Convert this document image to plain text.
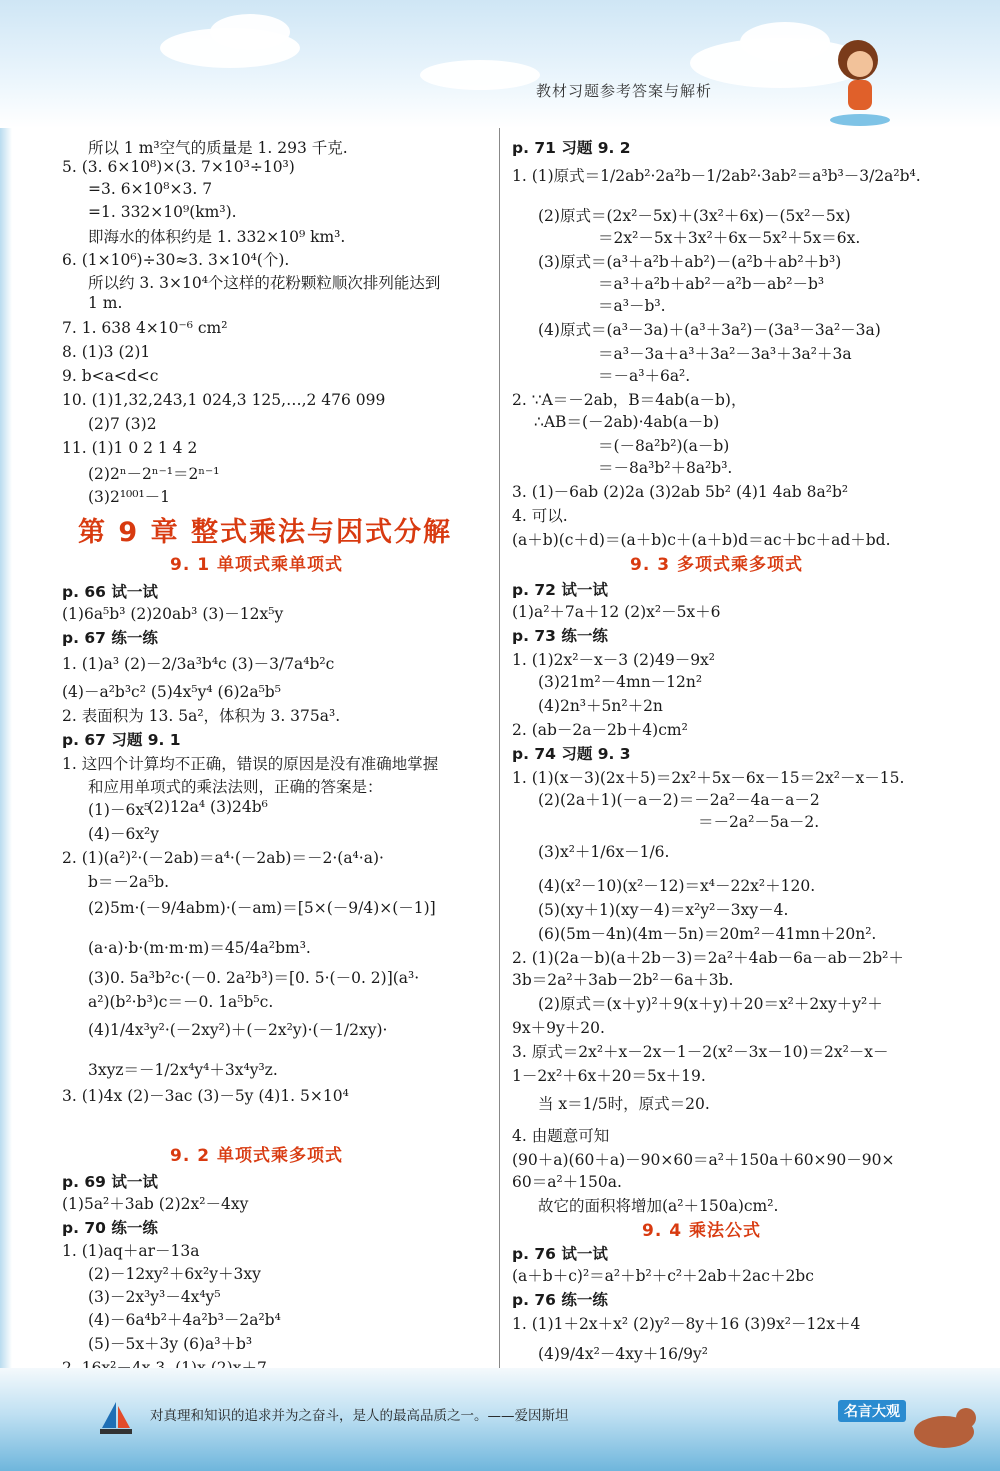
教材习题参考答案与解析
所以 1 m³空气的质量是 1. 293 千克.
5. (3. 6×10⁸)×(3. 7×10³÷10³)
=3. 6×10⁸×3. 7
=1. 332×10⁹(km³).
即海水的体积约是 1. 332×10⁹ km³.
6. (1×10⁶)÷30≈3. 3×10⁴(个).
所以约 3. 3×10⁴个这样的花粉颗粒顺次排列能达到
1 m.
7. 1. 638 4×10⁻⁶ cm²
8. (1)3 (2)1
9. b<a<d<c
10. (1)1,32,243,1 024,3 125,…,2 476 099
(2)7 (3)2
11. (1)1 0 2 1 4 2
(2)2ⁿ－2ⁿ⁻¹＝2ⁿ⁻¹
(3)2¹⁰⁰¹－1
第 9 章 整式乘法与因式分解
9. 1 单项式乘单项式
p. 66 试一试
(1)6a⁵b³ (2)20ab³ (3)－12x⁵y
p. 67 练一练
1. (1)a³ (2)－2/3a³b⁴c (3)－3/7a⁴b²c
(4)－a²b³c² (5)4x⁵y⁴ (6)2a⁵b⁵
2. 表面积为 13. 5a²，体积为 3. 375a³.
p. 67 习题 9. 1
1. 这四个计算均不正确，错误的原因是没有准确地掌握
和应用单项式的乘法法则，正确的答案是：
(1)－6x⁵
(2)12a⁴ (3)24b⁶
(4)－6x²y
2. (1)(a²)²·(－2ab)＝a⁴·(－2ab)＝－2·(a⁴·a)·
b＝－2a⁵b.
(2)5m·(－9/4abm)·(－am)＝[5×(－9/4)×(－1)]
(a·a)·b·(m·m·m)＝45/4a²bm³.
(3)0. 5a³b²c·(－0. 2a²b³)＝[0. 5·(－0. 2)](a³·
a²)(b²·b³)c＝－0. 1a⁵b⁵c.
(4)1/4x³y²·(－2xy²)＋(－2x²y)·(－1/2xy)·
3xyz＝－1/2x⁴y⁴＋3x⁴y³z.
3. (1)4x (2)－3ac (3)－5y (4)1. 5×10⁴
9. 2 单项式乘多项式
p. 69 试一试
(1)5a²＋3ab (2)2x²－4xy
p. 70 练一练
1. (1)aq＋ar－13a
(2)－12xy²＋6x²y＋3xy
(3)－2x³y³－4x⁴y⁵
(4)－6a⁴b²＋4a²b³－2a²b⁴
(5)－5x＋3y (6)a³＋b³
p. 71 习题 9. 2
1. (1)原式＝1/2ab²·2a²b－1/2ab²·3ab²＝a³b³－3/2a²b⁴.
(2)原式＝(2x²－5x)＋(3x²＋6x)－(5x²－5x)
＝2x²－5x＋3x²＋6x－5x²＋5x＝6x.
(3)原式＝(a³＋a²b＋ab²)－(a²b＋ab²＋b³)
＝a³＋a²b＋ab²－a²b－ab²－b³
＝a³－b³.
(4)原式＝(a³－3a)＋(a³＋3a²)－(3a³－3a²－3a)
＝a³－3a＋a³＋3a²－3a³＋3a²＋3a
＝－a³＋6a².
2. ∵A＝－2ab，B＝4ab(a－b)，
∴AB＝(－2ab)·4ab(a－b)
＝(－8a²b²)(a－b)
＝－8a³b²＋8a²b³.
3. (1)－6ab (2)2a (3)2ab 5b² (4)1 4ab 8a²b²
4. 可以.
(a＋b)(c＋d)＝(a＋b)c＋(a＋b)d＝ac＋bc＋ad＋bd.
9. 3 多项式乘多项式
p. 72 试一试
(1)a²＋7a＋12 (2)x²－5x＋6
p. 73 练一练
1. (1)2x²－x－3 (2)49－9x²
(3)21m²－4mn－12n²
(4)2n³＋5n²＋2n
2. (ab－2a－2b＋4)cm²
p. 74 习题 9. 3
1. (1)(x－3)(2x＋5)＝2x²＋5x－6x－15＝2x²－x－15.
(2)(2a＋1)(－a－2)＝－2a²－4a－a－2
＝－2a²－5a－2.
(3)x²＋1/6x－1/6.
(4)(x²－10)(x²－12)＝x⁴－22x²＋120.
(5)(xy＋1)(xy－4)＝x²y²－3xy－4.
(6)(5m－4n)(4m－5n)＝20m²－41mn＋20n².
2. (1)(2a－b)(a＋2b－3)＝2a²＋4ab－6a－ab－2b²＋
3b＝2a²＋3ab－2b²－6a＋3b.
(2)原式＝(x＋y)²＋9(x＋y)＋20＝x²＋2xy＋y²＋
9x＋9y＋20.
3. 原式＝2x²＋x－2x－1－2(x²－3x－10)＝2x²－x－
1－2x²＋6x＋20＝5x＋19.
当 x＝1/5时，原式＝20.
4. 由题意可知
(90＋a)(60＋a)－90×60＝a²＋150a＋60×90－90×
60＝a²＋150a.
故它的面积将增加(a²＋150a)cm².
9. 4 乘法公式
p. 76 试一试
(a＋b＋c)²＝a²＋b²＋c²＋2ab＋2ac＋2bc
p. 76 练一练
1. (1)1＋2x＋x² (2)y²－8y＋16 (3)9x²－12x＋4
(4)9/4x²－4xy＋16/9y²
对真理和知识的追求并为之奋斗，是人的最高品质之一。——爱因斯坦	名言大观
